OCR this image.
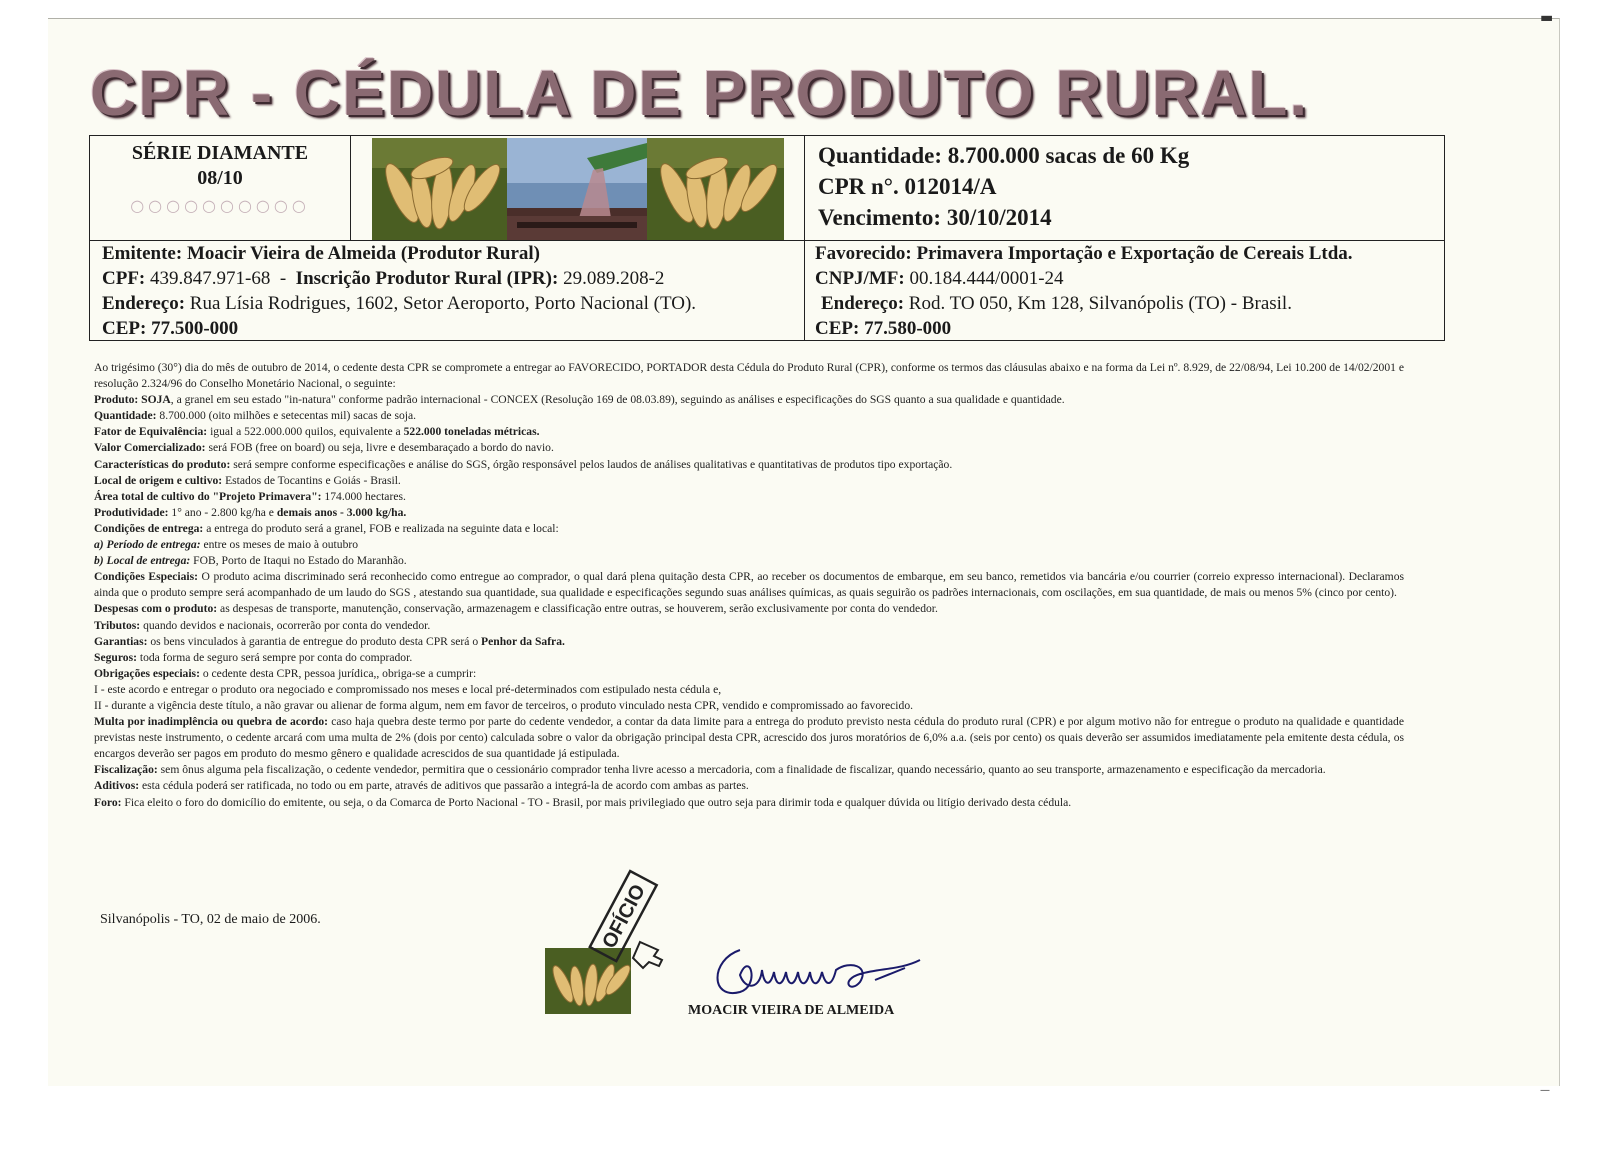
▬
—
CPR - CÉDULA DE PRODUTO RURAL.
SÉRIE DIAMANTE
08/10
○○○○○○○○○○
Quantidade: 8.700.000 sacas de 60 Kg
CPR n°. 012014/A
Vencimento: 30/10/2014
Emitente: Moacir Vieira de Almeida (Produtor Rural)
CPF: 439.847.971-68  -  Inscrição Produtor Rural (IPR): 29.089.208-2
Endereço: Rua Lísia Rodrigues, 1602, Setor Aeroporto, Porto Nacional (TO).
CEP: 77.500-000
Favorecido: Primavera Importação e Exportação de Cereais Ltda.
CNPJ/MF: 00.184.444/0001-24
Endereço: Rod. TO 050, Km 128, Silvanópolis (TO) - Brasil.
CEP: 77.580-000

Ao trigésimo (30°) dia do mês de outubro de 2014, o cedente desta CPR se compromete a entregar ao FAVORECIDO, PORTADOR desta Cédula do Produto Rural (CPR), conforme os termos das cláusulas abaixo e na forma da Lei nº. 8.929, de 22/08/94, Lei 10.200 de 14/02/2001 e resolução 2.324/96 do Conselho Monetário Nacional, o seguinte:

Produto: SOJA, a granel em seu estado "in-natura" conforme padrão internacional - CONCEX (Resolução 169 de 08.03.89), seguindo as análises e especificações do SGS quanto a sua qualidade e quantidade.

Quantidade: 8.700.000 (oito milhões e setecentas mil) sacas de soja.

Fator de Equivalência: igual a 522.000.000 quilos, equivalente a 522.000 toneladas métricas.

Valor Comercializado: será FOB (free on board) ou seja, livre e desembaraçado a bordo do navio.

Características do produto: será sempre conforme especificações e análise do SGS, órgão responsável pelos laudos de análises qualitativas e quantitativas de produtos tipo exportação.

Local de origem e cultivo: Estados de Tocantins e Goiás - Brasil.

Área total de cultivo do "Projeto Primavera": 174.000 hectares.

Produtividade: 1° ano - 2.800 kg/ha e demais anos - 3.000 kg/ha.

Condições de entrega: a entrega do produto será a granel, FOB e realizada na seguinte data e local:

a) Período de entrega: entre os meses de maio à outubro

b) Local de entrega: FOB, Porto de Itaqui no Estado do Maranhão.

Condições Especiais: O produto acima discriminado será reconhecido como entregue ao comprador, o qual dará plena quitação desta CPR, ao receber os documentos de embarque, em seu banco, remetidos via bancária e/ou courrier (correio expresso internacional). Declaramos ainda que o produto sempre será acompanhado de um laudo do SGS , atestando sua quantidade, sua qualidade e especificações segundo suas análises químicas, as quais seguirão os padrões internacionais, com oscilações, em sua quantidade, de mais ou menos 5% (cinco por cento).

Despesas com o produto: as despesas de transporte, manutenção, conservação, armazenagem e classificação entre outras, se houverem, serão exclusivamente por conta do vendedor.

Tributos: quando devidos e nacionais, ocorrerão por conta do vendedor.

Garantias: os bens vinculados à garantia de entregue do produto desta CPR será o Penhor da Safra.

Seguros: toda forma de seguro será sempre por conta do comprador.

Obrigações especiais: o cedente desta CPR, pessoa jurídica,, obriga-se a cumprir:

I - este acordo e entregar o produto ora negociado e compromissado nos meses e local pré-determinados com estipulado nesta cédula e,

II - durante a vigência deste título, a não gravar ou alienar de forma algum, nem em favor de terceiros, o produto vinculado nesta CPR, vendido e compromissado ao favorecido.

Multa por inadimplência ou quebra de acordo: caso haja quebra deste termo por parte do cedente vendedor, a contar da data limite para a entrega do produto previsto nesta cédula do produto rural (CPR) e por algum motivo não for entregue o produto na qualidade e quantidade previstas neste instrumento, o cedente arcará com uma multa de 2% (dois por cento) calculada sobre o valor da obrigação principal desta CPR, acrescido dos juros moratórios de 6,0% a.a. (seis por cento) os quais deverão ser assumidos imediatamente pela emitente desta cédula, os encargos deverão ser pagos em produto do mesmo gênero e qualidade acrescidos de sua quantidade já estipulada.

Fiscalização: sem ônus alguma pela fiscalização, o cedente vendedor, permitira que o cessionário comprador tenha livre acesso a mercadoria, com a finalidade de fiscalizar, quando necessário, quanto ao seu transporte, armazenamento e especificação da mercadoria.

Aditivos: esta cédula poderá ser ratificada, no todo ou em parte, através de aditivos que passarão a integrá-la de acordo com ambas as partes.

Foro: Fica eleito o foro do domicílio do emitente, ou seja, o da Comarca de Porto Nacional - TO - Brasil, por mais privilegiado que outro seja para dirimir toda e qualquer dúvida ou litígio derivado desta cédula.

Silvanópolis - TO, 02 de maio de 2006.	OFÍCIO
MOACIR VIEIRA DE ALMEIDA
